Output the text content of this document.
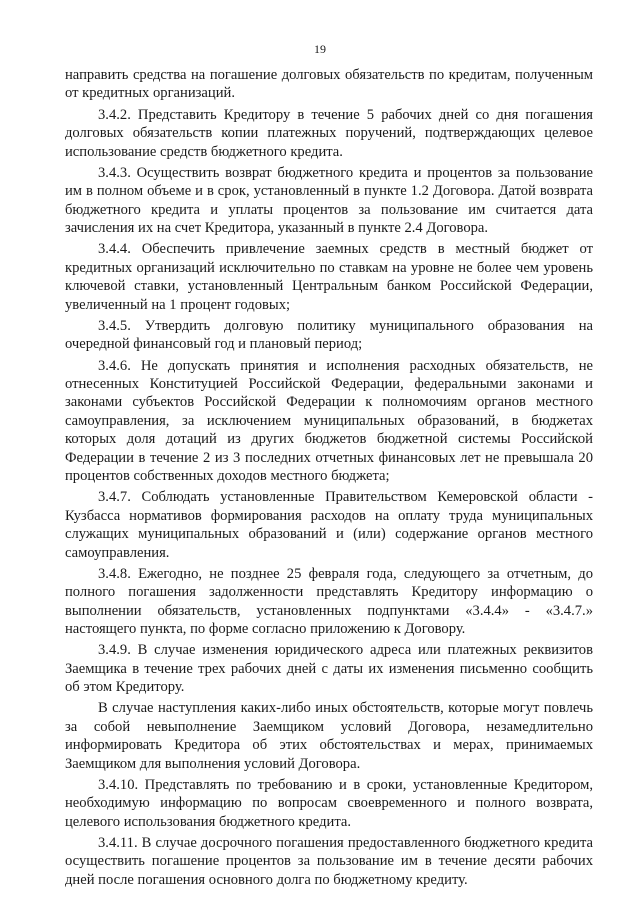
19

направить средства на погашение долговых обязательств по кредитам, полученным от кредитных организаций.

3.4.2. Представить Кредитору в течение 5 рабочих дней со дня погашения долговых обязательств копии платежных поручений, подтверждающих целевое использование средств бюджетного кредита.

3.4.3. Осуществить возврат бюджетного кредита и процентов за пользование им в полном объеме и в срок, установленный в пункте 1.2 Договора. Датой возврата бюджетного кредита и уплаты процентов за пользование им считается дата зачисления их на счет Кредитора, указанный в пункте 2.4 Договора.

3.4.4. Обеспечить привлечение заемных средств в местный бюджет от кредитных организаций исключительно по ставкам на уровне не более чем уровень ключевой ставки, установленный Центральным банком Российской Федерации, увеличенный на 1 процент годовых;

3.4.5. Утвердить долговую политику муниципального образования на очередной финансовый год и плановый период;

3.4.6. Не допускать принятия и исполнения расходных обязательств, не отнесенных Конституцией Российской Федерации, федеральными законами и законами субъектов Российской Федерации к полномочиям органов местного самоуправления, за исключением муниципальных образований, в бюджетах которых доля дотаций из других бюджетов бюджетной системы Российской Федерации в течение 2 из 3 последних отчетных финансовых лет не превышала 20 процентов собственных доходов местного бюджета;

3.4.7. Соблюдать установленные Правительством Кемеровской области - Кузбасса нормативов формирования расходов на оплату труда муниципальных служащих муниципальных образований и (или) содержание органов местного самоуправления.

3.4.8. Ежегодно, не позднее 25 февраля года, следующего за отчетным, до полного погашения задолженности представлять Кредитору информацию о выполнении обязательств, установленных подпунктами «3.4.4» - «3.4.7.» настоящего пункта, по форме согласно приложению к Договору.

3.4.9. В случае изменения юридического адреса или платежных реквизитов Заемщика в течение трех рабочих дней с даты их изменения письменно сообщить об этом Кредитору.

В случае наступления каких-либо иных обстоятельств, которые могут повлечь за собой невыполнение Заемщиком условий Договора, незамедлительно информировать Кредитора об этих обстоятельствах и мерах, принимаемых Заемщиком для выполнения условий Договора.

3.4.10. Представлять по требованию и в сроки, установленные Кредитором, необходимую информацию по вопросам своевременного и полного возврата, целевого использования бюджетного кредита.

3.4.11. В случае досрочного погашения предоставленного бюджетного кредита осуществить погашение процентов за пользование им в течение десяти рабочих дней после погашения основного долга по бюджетному кредиту.
